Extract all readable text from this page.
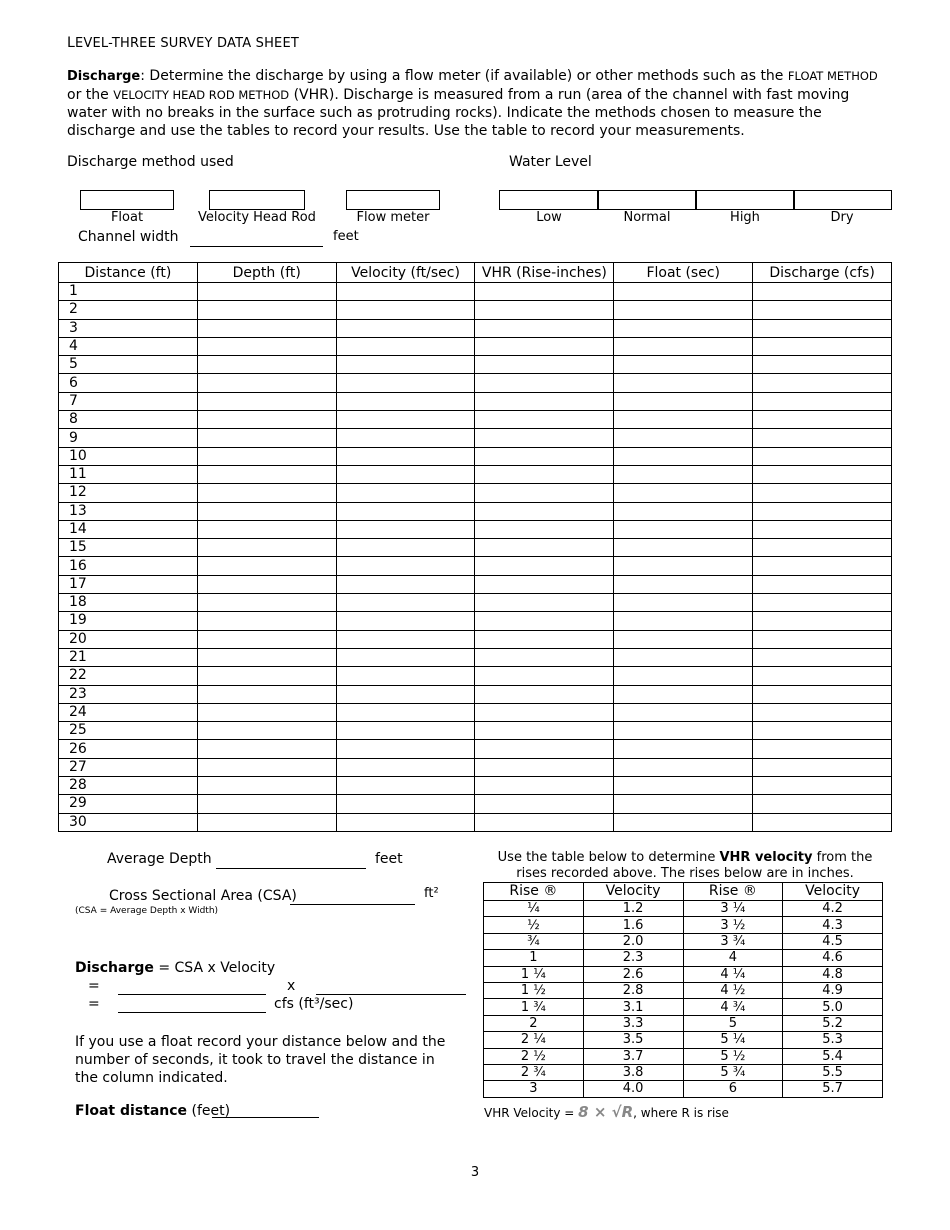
LEVEL-THREE SURVEY DATA SHEET
Discharge: Determine the discharge by using a flow meter (if available) or other methods such as the FLOAT METHOD or the VELOCITY HEAD ROD METHOD (VHR). Discharge is measured from a run (area of the channel with fast moving water with no breaks in the surface such as protruding rocks). Indicate the methods chosen to measure the discharge and use the tables to record your results. Use the table to record your measurements.
Discharge method used	Water Level
Float	Velocity Head Rod	Flow meter	Low	Normal	High	Dry
Channel width	feet
Distance (ft)	Depth (ft)	Velocity (ft/sec)	VHR (Rise-inches)	Float (sec)	Discharge (cfs)
1					
2					
3					
4					
5					
6					
7					
8					
9					
10					
11					
12					
13					
14					
15					
16					
17					
18					
19					
20					
21					
22					
23					
24					
25					
26					
27					
28					
29					
30					
Average Depth	feet
Cross Sectional Area (CSA)	ft²
(CSA = Average Depth x Width)
Discharge = CSA x Velocity
=	x
=	cfs (ft³/sec)
If you use a float record your distance below and the number of seconds, it took to travel the distance in the column indicated.
Float distance (feet)
Use the table below to determine VHR velocity from the rises recorded above. The rises below are in inches.
Rise ®	Velocity	Rise ®	Velocity
¼	1.2	3 ¼	4.2
½	1.6	3 ½	4.3
¾	2.0	3 ¾	4.5
1	2.3	4	4.6
1 ¼	2.6	4 ¼	4.8
1 ½	2.8	4 ½	4.9
1 ¾	3.1	4 ¾	5.0
2	3.3	5	5.2
2 ¼	3.5	5 ¼	5.3
2 ½	3.7	5 ½	5.4
2 ¾	3.8	5 ¾	5.5
3	4.0	6	5.7
VHR Velocity = 8 × √R, where R is rise
3
